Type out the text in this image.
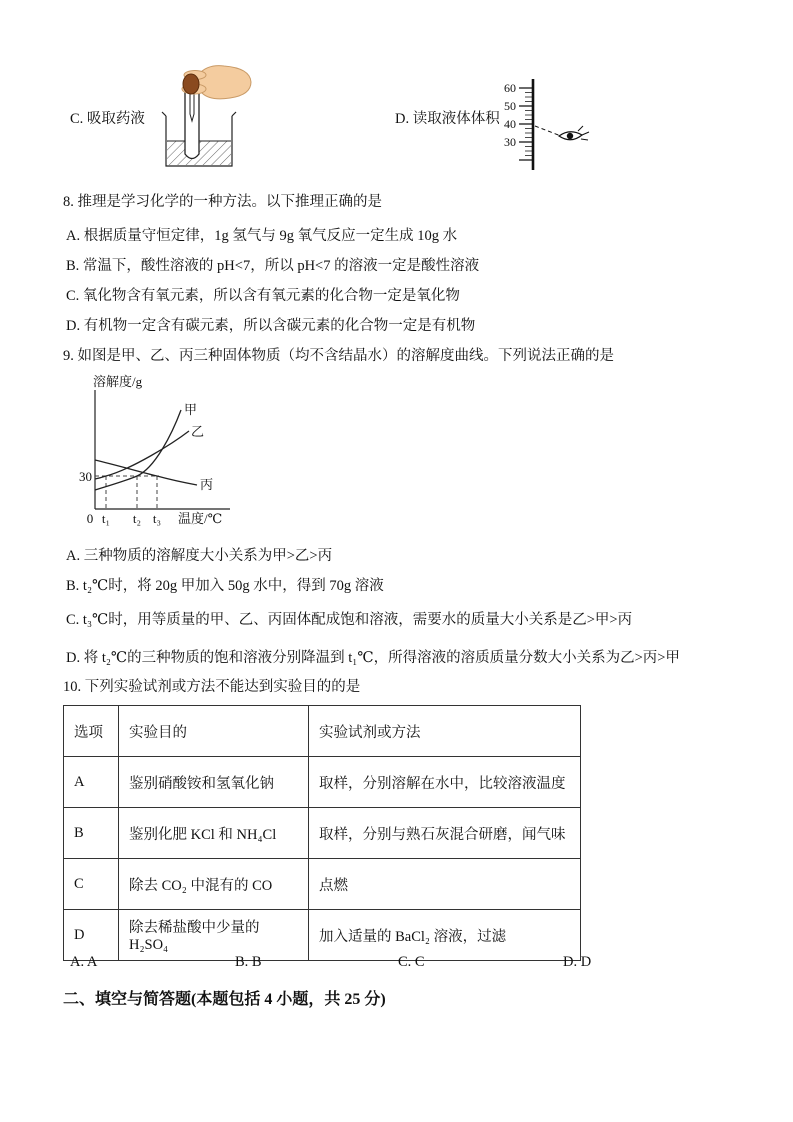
C. 吸取药液	D. 读取液体体积
60
50
40
30
8. 推理是学习化学的一种方法。以下推理正确的是
A. 根据质量守恒定律，1g 氢气与 9g 氧气反应一定生成 10g 水
B. 常温下，酸性溶液的 pH<7，所以 pH<7 的溶液一定是酸性溶液
C. 氧化物含有氧元素，所以含有氧元素的化合物一定是氧化物
D. 有机物一定含有碳元素，所以含碳元素的化合物一定是有机物
9. 如图是甲、乙、丙三种固体物质（均不含结晶水）的溶解度曲线。下列说法正确的是
溶解度/g
甲
乙
丙
30
0 t₁ t₂ t₃ 温度/℃
A. 三种物质的溶解度大小关系为甲>乙>丙
B. t₂℃时，将 20g 甲加入 50g 水中，得到 70g 溶液
C. t₃℃时，用等质量的甲、乙、丙固体配成饱和溶液，需要水的质量大小关系是乙>甲>丙
D. 将 t₂℃的三种物质的饱和溶液分别降温到 t₁℃，所得溶液的溶质质量分数大小关系为乙>丙>甲
10. 下列实验试剂或方法不能达到实验目的的是
选项	实验目的	实验试剂或方法
A	鉴别硝酸铵和氢氧化钠	取样，分别溶解在水中，比较溶液温度
B	鉴别化肥 KCl 和 NH₄Cl	取样，分别与熟石灰混合研磨，闻气味
C	除去 CO₂ 中混有的 CO	点燃
D	除去稀盐酸中少量的 H₂SO₄	加入适量的 BaCl₂ 溶液，过滤
A. A	B. B	C. C	D. D
二、填空与简答题(本题包括 4 小题，共 25 分)
